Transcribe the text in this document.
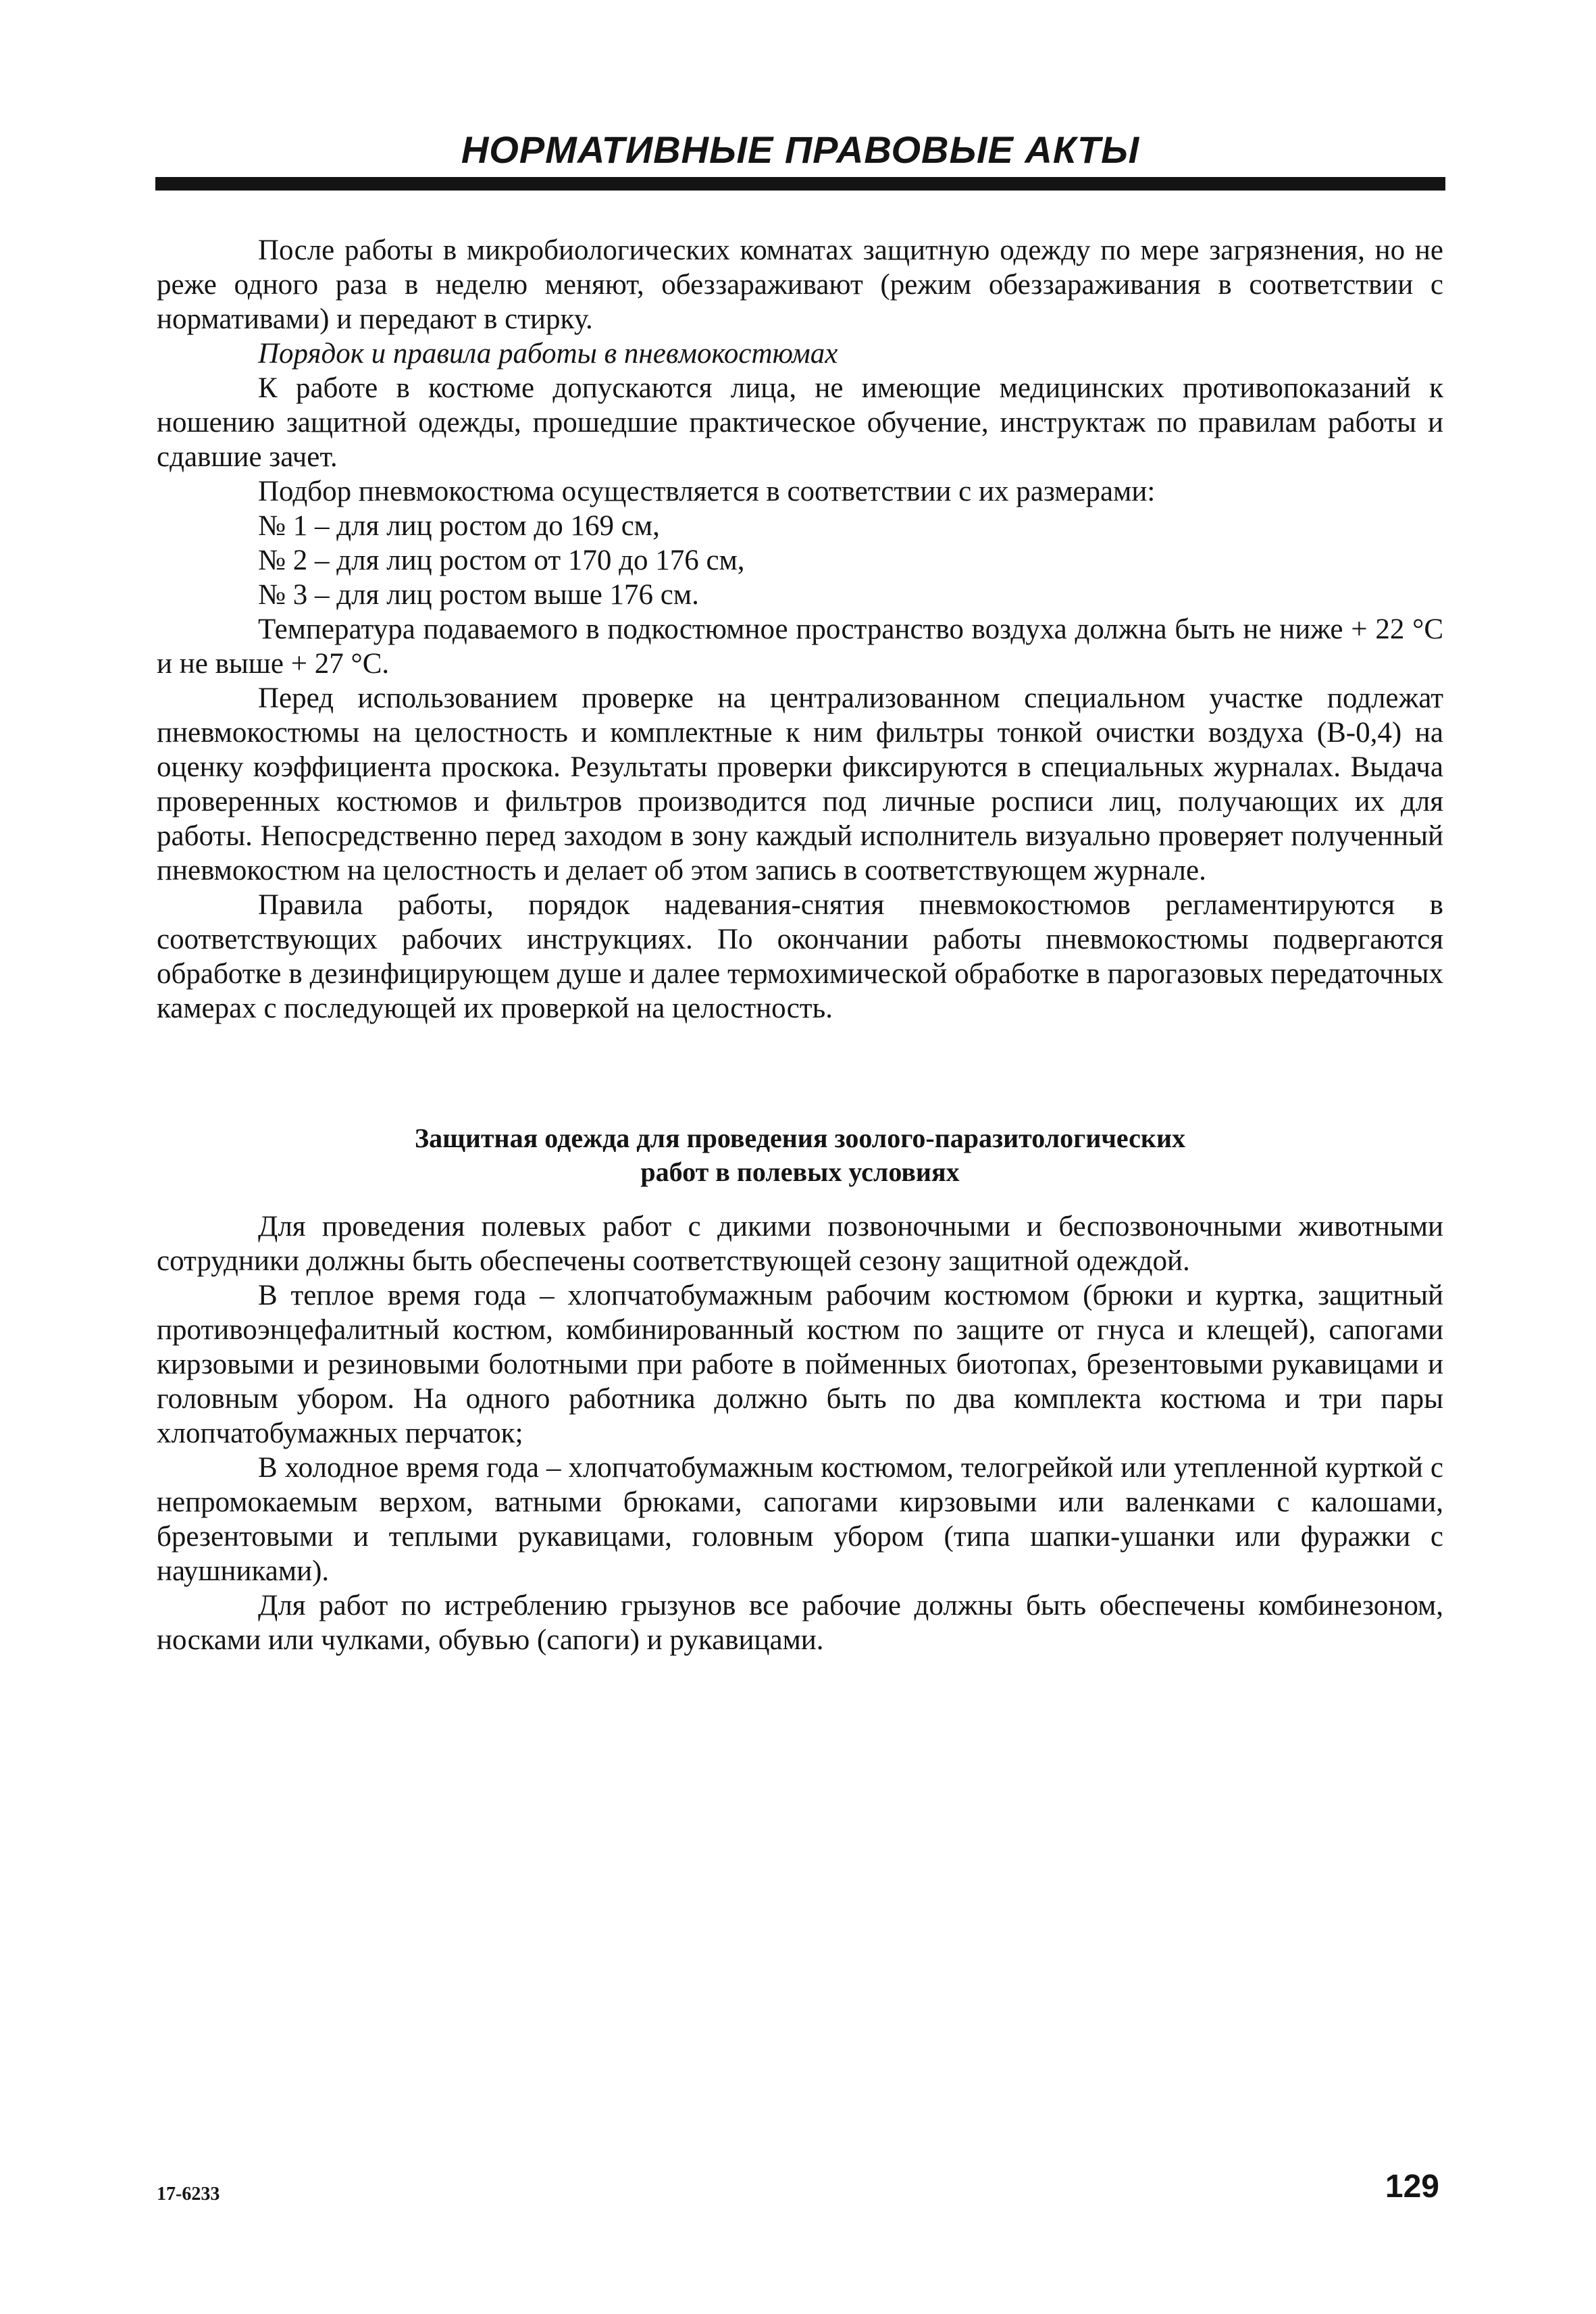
НОРМАТИВНЫЕ ПРАВОВЫЕ АКТЫ

После работы в микробиологических комнатах защитную одежду по мере загрязнения, но не реже одного раза в неделю меняют, обеззараживают (режим обеззараживания в соответствии с нормативами) и передают в стирку.

Порядок и правила работы в пневмокостюмах

К работе в костюме допускаются лица, не имеющие медицинских противопоказаний к ношению защитной одежды, прошедшие практическое обучение, инструктаж по правилам работы и сдавшие зачет.

Подбор пневмокостюма осуществляется в соответствии с их размерами:

№ 1 – для лиц ростом до 169 см,

№ 2 – для лиц ростом от 170 до 176 см,

№ 3 – для лиц ростом выше 176 см.

Температура подаваемого в подкостюмное пространство воздуха должна быть не ниже + 22 °С и не выше + 27 °С.

Перед использованием проверке на централизованном специальном участке подлежат пневмокостюмы на целостность и комплектные к ним фильтры тонкой очистки воздуха (В-0,4) на оценку коэффициента проскока. Результаты проверки фиксируются в специальных журналах. Выдача проверенных костюмов и фильтров производится под личные росписи лиц, получающих их для работы. Непосредственно перед заходом в зону каждый исполнитель визуально проверяет полученный пневмокостюм на целостность и делает об этом запись в соответствующем журнале.

Правила работы, порядок надевания-снятия пневмокостюмов регламентируются в соответствующих рабочих инструкциях. По окончании работы пневмокостюмы подвергаются обработке в дезинфицирующем душе и далее термохимической обработке в парогазовых передаточных камерах с последующей их проверкой на целостность.

Защитная одежда для проведения зоолого-паразитологических
работ в полевых условиях

Для проведения полевых работ с дикими позвоночными и беспозвоночными животными сотрудники должны быть обеспечены соответствующей сезону защитной одеждой.

В теплое время года – хлопчатобумажным рабочим костюмом (брюки и куртка, защитный противоэнцефалитный костюм, комбинированный костюм по защите от гнуса и клещей), сапогами кирзовыми и резиновыми болотными при работе в пойменных биотопах, брезентовыми рукавицами и головным убором. На одного работника должно быть по два комплекта костюма и три пары хлопчатобумажных перчаток;

В холодное время года – хлопчатобумажным костюмом, телогрейкой или утепленной курткой с непромокаемым верхом, ватными брюками, сапогами кирзовыми или валенками с калошами, брезентовыми и теплыми рукавицами, головным убором (типа шапки-ушанки или фуражки с наушниками).

Для работ по истреблению грызунов все рабочие должны быть обеспечены комбинезоном, носками или чулками, обувью (сапоги) и рукавицами.

17-6233	129
